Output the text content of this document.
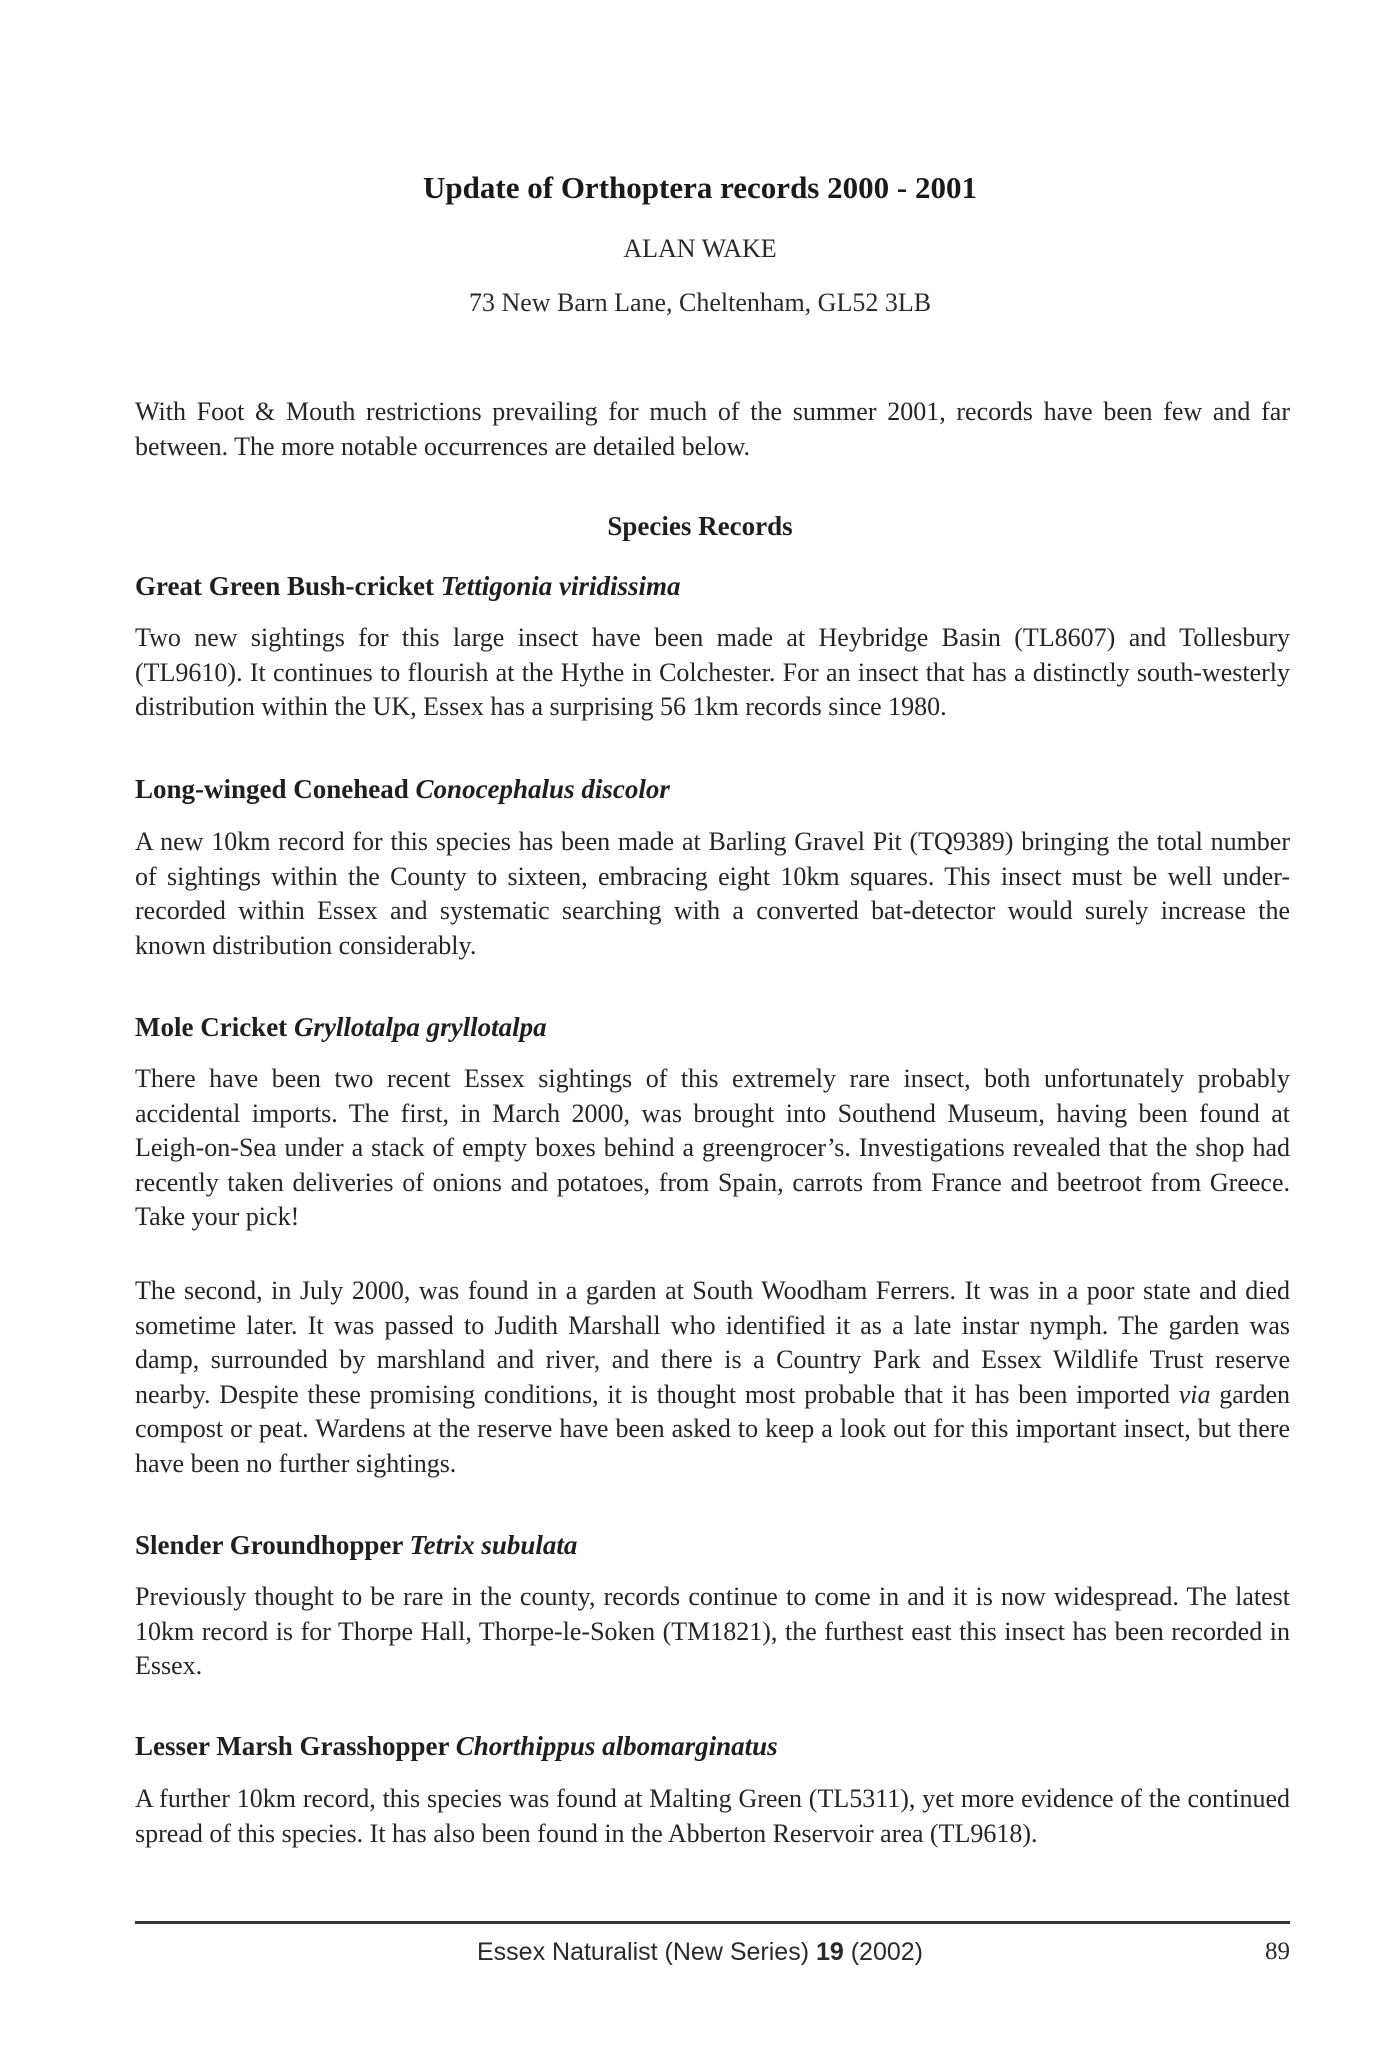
Update of Orthoptera records 2000 - 2001
ALAN WAKE
73 New Barn Lane, Cheltenham, GL52 3LB

With Foot & Mouth restrictions prevailing for much of the summer 2001, records have been few and far between. The more notable occurrences are detailed below.

Species Records
Great Green Bush-cricket Tettigonia viridissima

Two new sightings for this large insect have been made at Heybridge Basin (TL8607) and Tollesbury (TL9610). It continues to flourish at the Hythe in Colchester. For an insect that has a distinctly south-westerly distribution within the UK, Essex has a surprising 56 1km records since 1980.

Long-winged Conehead Conocephalus discolor

A new 10km record for this species has been made at Barling Gravel Pit (TQ9389) bringing the total number of sightings within the County to sixteen, embracing eight 10km squares. This insect must be well under-recorded within Essex and systematic searching with a converted bat-detector would surely increase the known distribution considerably.

Mole Cricket Gryllotalpa gryllotalpa

There have been two recent Essex sightings of this extremely rare insect, both unfortunately probably accidental imports. The first, in March 2000, was brought into Southend Museum, having been found at Leigh-on-Sea under a stack of empty boxes behind a greengrocer’s. Investigations revealed that the shop had recently taken deliveries of onions and potatoes, from Spain, carrots from France and beetroot from Greece. Take your pick!

The second, in July 2000, was found in a garden at South Woodham Ferrers. It was in a poor state and died sometime later. It was passed to Judith Marshall who identified it as a late instar nymph. The garden was damp, surrounded by marshland and river, and there is a Country Park and Essex Wildlife Trust reserve nearby. Despite these promising conditions, it is thought most probable that it has been imported via garden compost or peat. Wardens at the reserve have been asked to keep a look out for this important insect, but there have been no further sightings.

Slender Groundhopper Tetrix subulata

Previously thought to be rare in the county, records continue to come in and it is now widespread. The latest 10km record is for Thorpe Hall, Thorpe-le-Soken (TM1821), the furthest east this insect has been recorded in Essex.

Lesser Marsh Grasshopper Chorthippus albomarginatus

A further 10km record, this species was found at Malting Green (TL5311), yet more evidence of the continued spread of this species. It has also been found in the Abberton Reservoir area (TL9618).

Essex Naturalist (New Series) 19 (2002)	89
